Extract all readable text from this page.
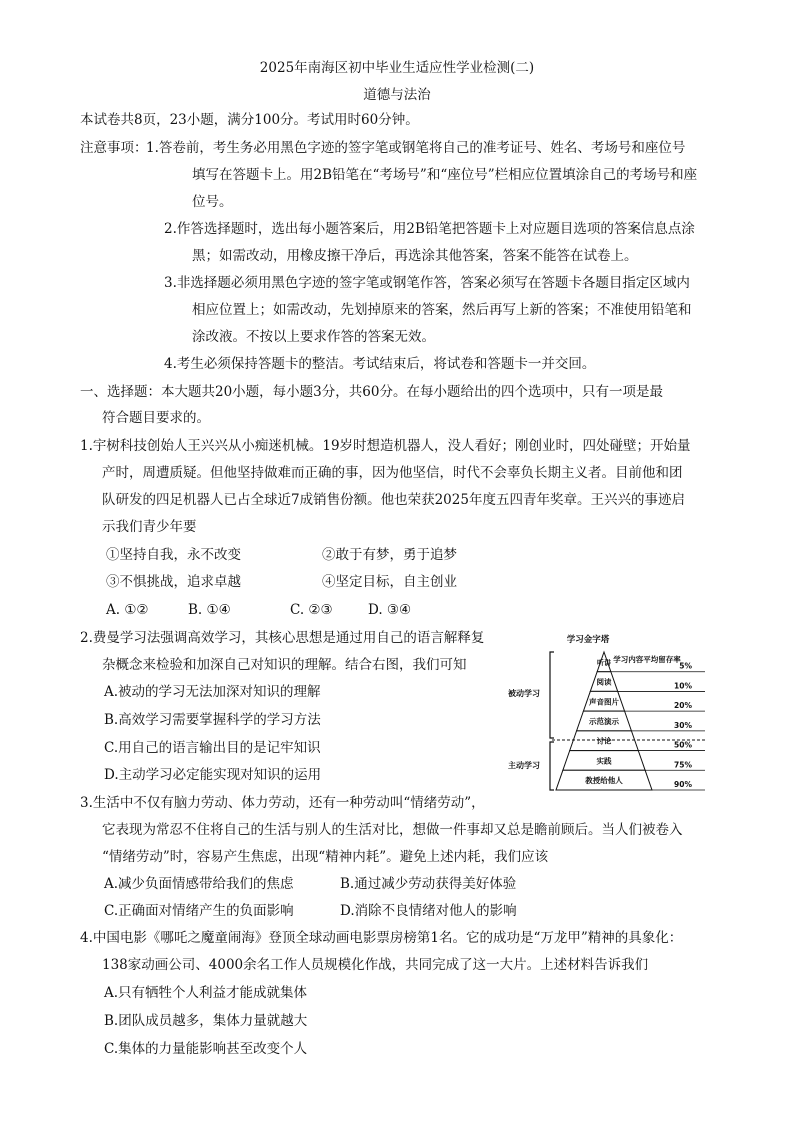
2025年南海区初中毕业生适应性学业检测(二)
道德与法治
本试卷共8页，23小题，满分100分。考试用时60分钟。
注意事项：
1.答卷前，考生务必用黑色字迹的签字笔或钢笔将自己的准考证号、姓名、考场号和座位号
填写在答题卡上。用2B铅笔在“考场号”和“座位号”栏相应位置填涂自己的考场号和座
位号。
2.作答选择题时，选出每小题答案后，用2B铅笔把答题卡上对应题目选项的答案信息点涂
黑；如需改动，用橡皮擦干净后，再选涂其他答案，答案不能答在试卷上。
3.非选择题必须用黑色字迹的签字笔或钢笔作答，答案必须写在答题卡各题目指定区域内
相应位置上；如需改动，先划掉原来的答案，然后再写上新的答案；不准使用铅笔和
涂改液。不按以上要求作答的答案无效。
4.考生必须保持答题卡的整洁。考试结束后，将试卷和答题卡一并交回。
一、选择题：本大题共20小题，每小题3分，共60分。在每小题给出的四个选项中，只有一项是最
符合题目要求的。
1.宇树科技创始人王兴兴从小痴迷机械。19岁时想造机器人，没人看好；刚创业时，四处碰壁；开始量
产时，周遭质疑。但他坚持做难而正确的事，因为他坚信，时代不会辜负长期主义者。目前他和团
队研发的四足机器人已占全球近7成销售份额。他也荣获2025年度五四青年奖章。王兴兴的事迹启
示我们青少年要
①坚持自我，永不改变	②敢于有梦，勇于追梦
③不惧挑战，追求卓越	④坚定目标，自主创业
A. ①②	B. ①④	C. ②③	D. ③④
2.费曼学习法强调高效学习，其核心思想是通过用自己的语言解释复
杂概念来检验和加深自己对知识的理解。结合右图，我们可知
A.被动的学习无法加深对知识的理解
B.高效学习需要掌握科学的学习方法
C.用自己的语言输出目的是记牢知识
D.主动学习必定能实现对知识的运用
学习金字塔
学习内容平均留存率
被动学习
主动学习
听讲	5%
阅读	10%
声音图片	20%
示范演示	30%
讨论	50%
实践	75%
教授给他人	90%
3.生活中不仅有脑力劳动、体力劳动，还有一种劳动叫“情绪劳动”，
它表现为常忍不住将自己的生活与别人的生活对比，想做一件事却又总是瞻前顾后。当人们被卷入
“情绪劳动”时，容易产生焦虑，出现“精神内耗”。避免上述内耗，我们应该
A.减少负面情感带给我们的焦虑	B.通过减少劳动获得美好体验
C.正确面对情绪产生的负面影响	D.消除不良情绪对他人的影响
4.中国电影《哪吒之魔童闹海》登顶全球动画电影票房榜第1名。它的成功是“万龙甲”精神的具象化：
138家动画公司、4000余名工作人员规模化作战，共同完成了这一大片。上述材料告诉我们
A.只有牺牲个人利益才能成就集体
B.团队成员越多，集体力量就越大
C.集体的力量能影响甚至改变个人
